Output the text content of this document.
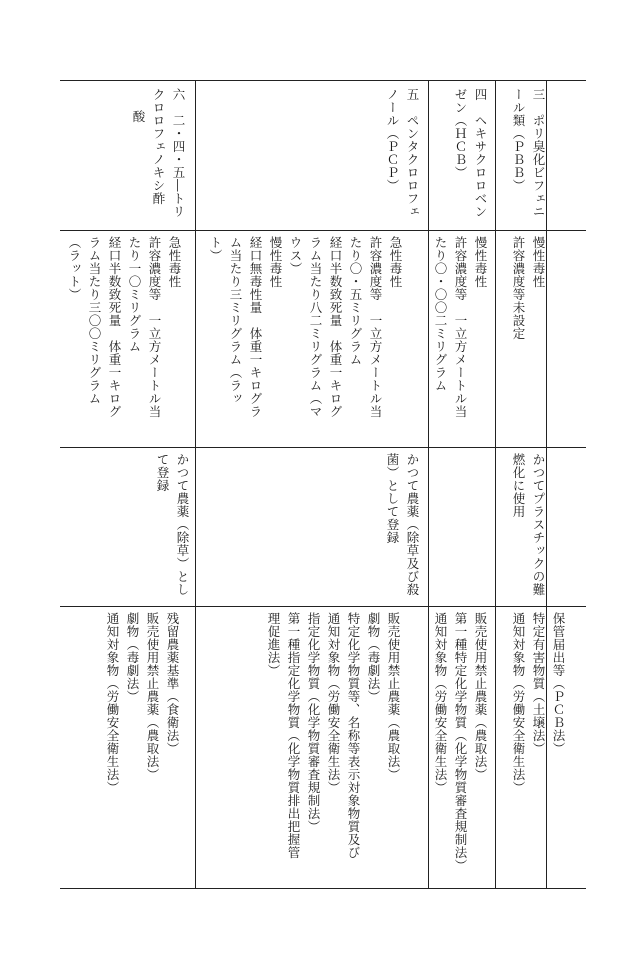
三　ポリ臭化ビフェニ
ール類（ＰＢＢ）
慢性毒性
許容濃度等未設定
かつてプラスチックの難
燃化に使用
保管届出等（ＰＣＢ法）
特定有害物質（土壌法）
通知対象物（労働安全衛生法）
四　ヘキサクロロベン
ゼン（ＨＣＢ）
慢性毒性
許容濃度等　一立方メートル当
たり〇・〇〇二ミリグラム
販売使用禁止農薬（農取法）
第一種特定化学物質（化学物質審査規制法）
通知対象物（労働安全衛生法）
五　ペンタクロロフェ
ノール（ＰＣＰ）
急性毒性
許容濃度等　一立方メートル当
たり〇・五ミリグラム
経口半数致死量　体重一キログ
ラム当たり八二ミリグラム（マ
ウス）
慢性毒性
経口無毒性量　体重一キログラ
ム当たり三ミリグラム（ラッ
ト）
かつて農薬（除草及び殺
菌）として登録
販売使用禁止農薬（農取法）
劇物（毒劇法）
特定化学物質等、名称等表示対象物質及び
通知対象物（労働安全衛生法）
指定化学物質（化学物質審査規制法）
第一種指定化学物質（化学物質排出把握管
理促進法）
六　二・四・五―トリ
クロロフェノキシ酢
酸
急性毒性
許容濃度等　一立方メートル当
たり一〇ミリグラム
経口半数致死量　体重一キログ
ラム当たり三〇〇ミリグラム
（ラット）
かつて農薬（除草）とし
て登録
残留農薬基準（食衛法）
販売使用禁止農薬（農取法）
劇物（毒劇法）
通知対象物（労働安全衛生法）
